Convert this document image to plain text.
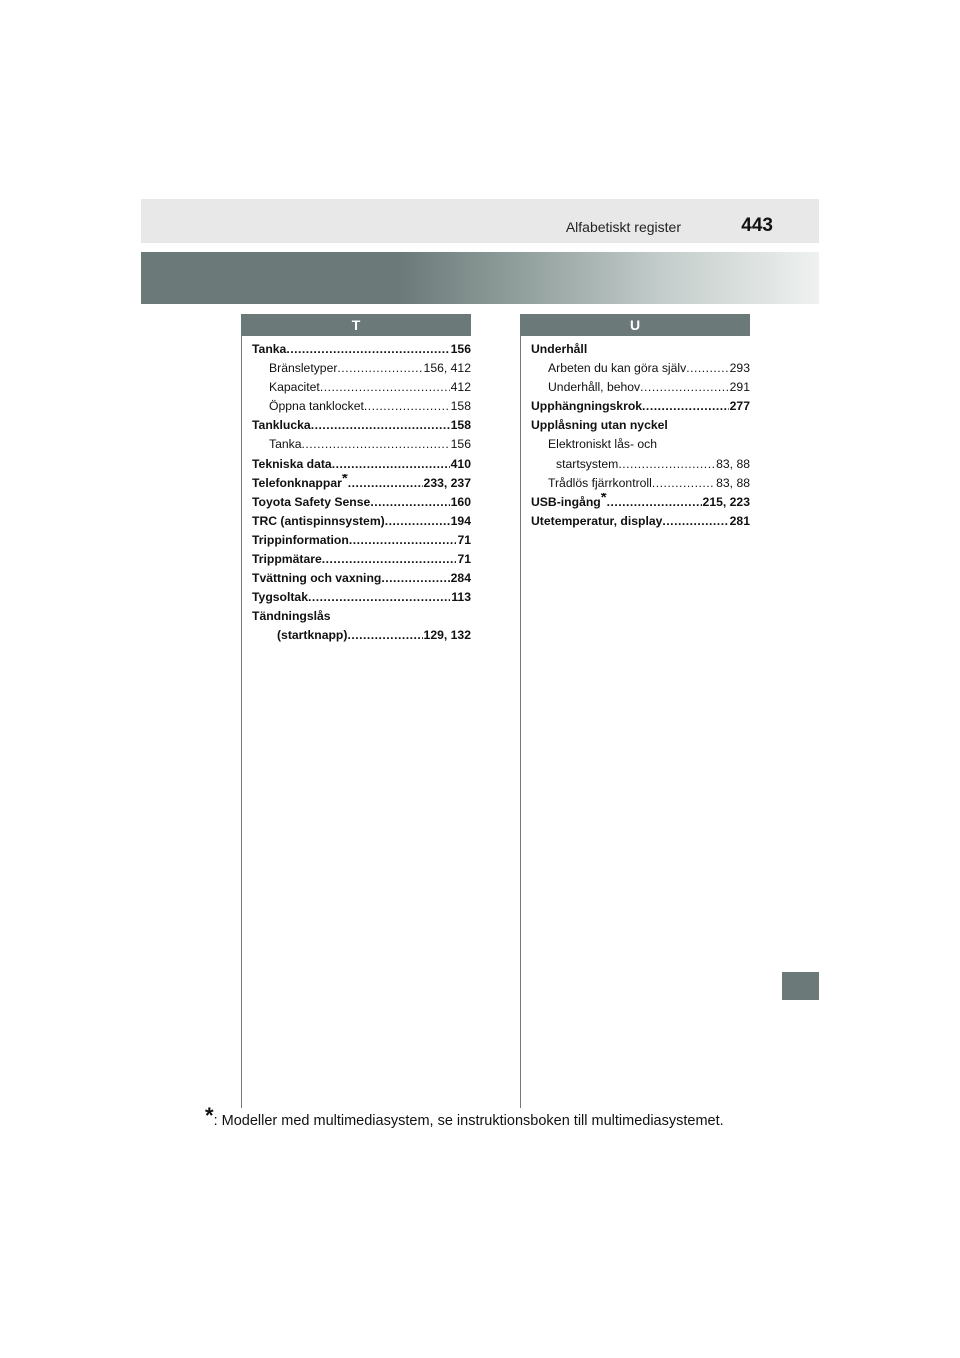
Alfabetiskt register	443
T	U
Tanka .....	156
Bränsletyper .....	156, 412
Kapacitet .....	412
Öppna tanklocket .....	158
Tanklucka .....	158
Tanka .....	156
Tekniska data .....	410
Telefonknappar* .....	233, 237
Toyota Safety Sense .....	160
TRC (antispinnsystem) .....	194
Trippinformation .....	71
Trippmätare .....	71
Tvättning och vaxning .....	284
Tygsoltak .....	113
Tändningslås
(startknapp) .....	129, 132
Underhåll
Arbeten du kan göra själv .....	293
Underhåll, behov .....	291
Upphängningskrok .....	277
Upplåsning utan nyckel
Elektroniskt lås- och
startsystem .....	83, 88
Trådlös fjärrkontroll .....	83, 88
USB-ingång* .....	215, 223
Utetemperatur, display .....	281
*: Modeller med multimediasystem, se instruktionsboken till multimediasystemet.
